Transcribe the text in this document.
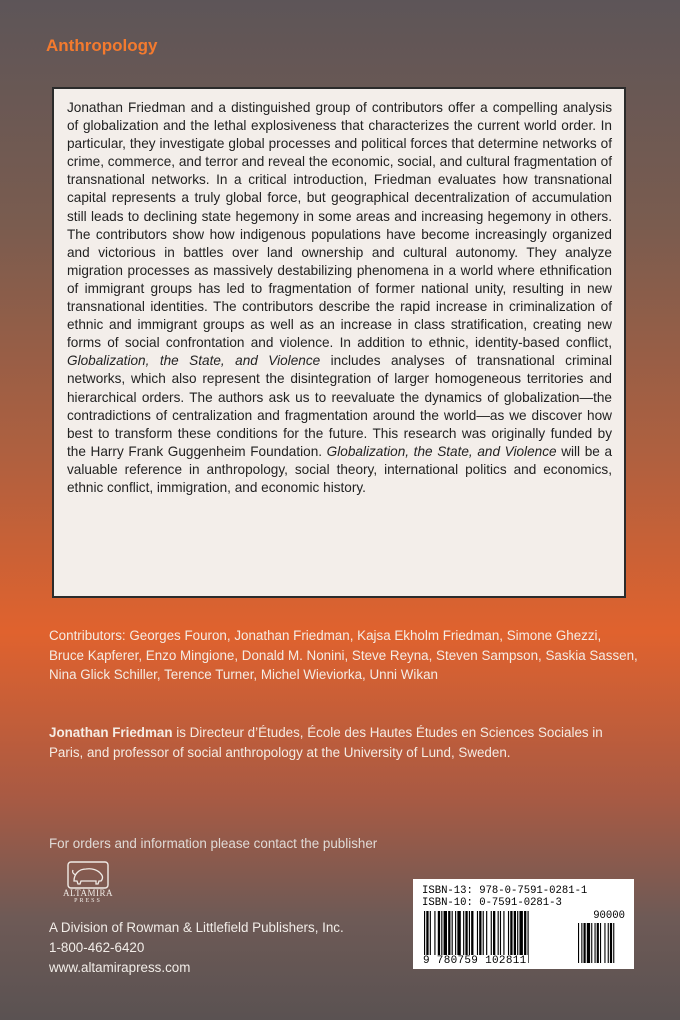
Anthropology
Jonathan Friedman and a distinguished group of contributors offer a compelling analysis of globalization and the lethal explosiveness that characterizes the current world order. In particular, they investigate global processes and political forces that determine networks of crime, commerce, and terror and reveal the economic, social, and cultural fragmentation of transnational networks. In a critical introduction, Friedman evaluates how transnational capital represents a truly global force, but geographical decentralization of accumulation still leads to declining state hegemony in some areas and increasing hegemony in others. The contributors show how indigenous populations have become increasingly organized and victorious in battles over land ownership and cultural autonomy. They analyze migration processes as massively destabilizing phenomena in a world where ethnification of immigrant groups has led to fragmentation of former national unity, resulting in new transnational identities. The contributors describe the rapid increase in criminalization of ethnic and immigrant groups as well as an increase in class stratification, creating new forms of social confrontation and violence. In addition to ethnic, identity-based conflict, Globalization, the State, and Violence includes analyses of transnational criminal networks, which also represent the disintegration of larger homogeneous territories and hierarchical orders. The authors ask us to reevaluate the dynamics of globalization—the contradictions of centralization and fragmentation around the world—as we discover how best to transform these conditions for the future. This research was originally funded by the Harry Frank Guggenheim Foundation. Globalization, the State, and Violence will be a valuable reference in anthropology, social theory, international politics and economics, ethnic conflict, immigration, and economic history.
Contributors: Georges Fouron, Jonathan Friedman, Kajsa Ekholm Friedman, Simone Ghezzi, Bruce Kapferer, Enzo Mingione, Donald M. Nonini, Steve Reyna, Steven Sampson, Saskia Sassen, Nina Glick Schiller, Terence Turner, Michel Wieviorka, Unni Wikan
Jonathan Friedman is Directeur d’Études, École des Hautes Études en Sciences Sociales in Paris, and professor of social anthropology at the University of Lund, Sweden.
For orders and information please contact the publisher
ALTAMIRA
PRESS
A Division of Rowman & Littlefield Publishers, Inc.
1-800-462-6420
www.altamirapress.com
ISBN-13: 978-0-7591-0281-1
ISBN-10: 0-7591-0281-3
90000
9 780759 102811
